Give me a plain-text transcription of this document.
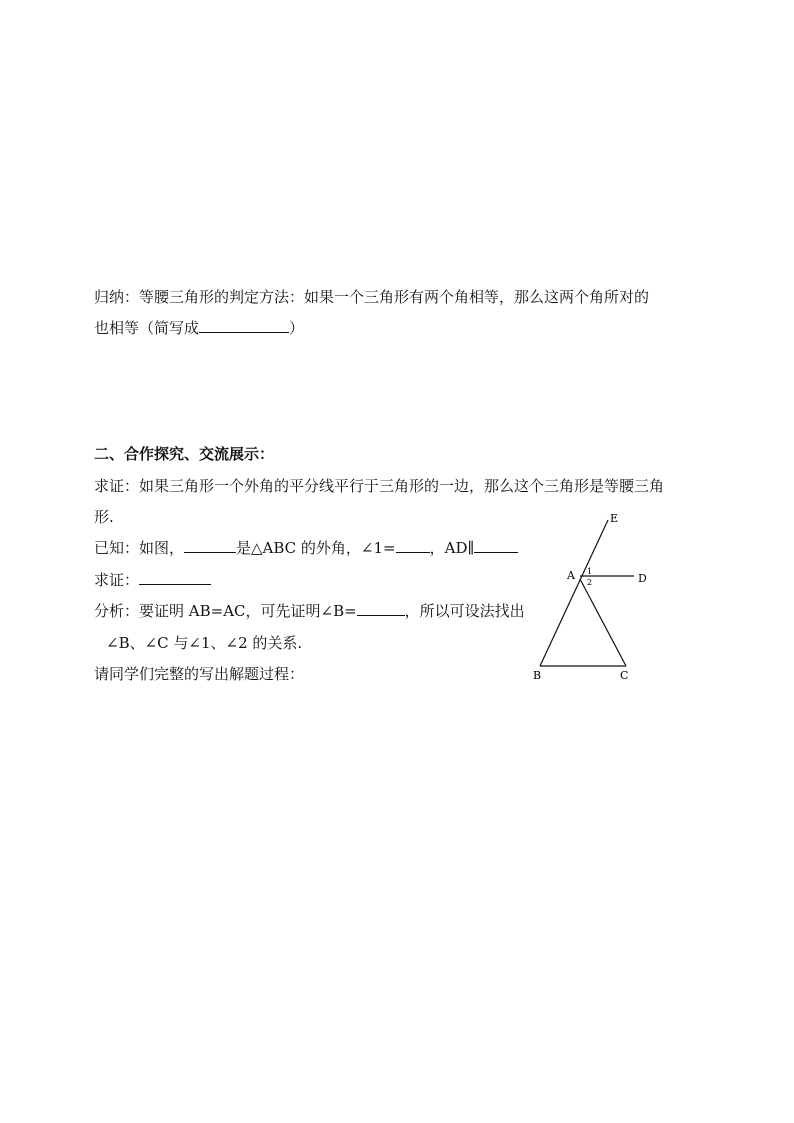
归纳：等腰三角形的判定方法：如果一个三角形有两个角相等，那么这两个角所对的
也相等（简写成	）
二、合作探究、交流展示：
求证：如果三角形一个外角的平分线平行于三角形的一边，那么这个三角形是等腰三角
形.
已知：如图，	是△ABC 的外角，∠1= ，AD∥
求证：
分析：要证明 AB=AC，可先证明∠B=	，所以可设法找出
∠B、∠C 与∠1、∠2 的关系.
请同学们完整的写出解题过程：
E
A	D
B	C
1
2
